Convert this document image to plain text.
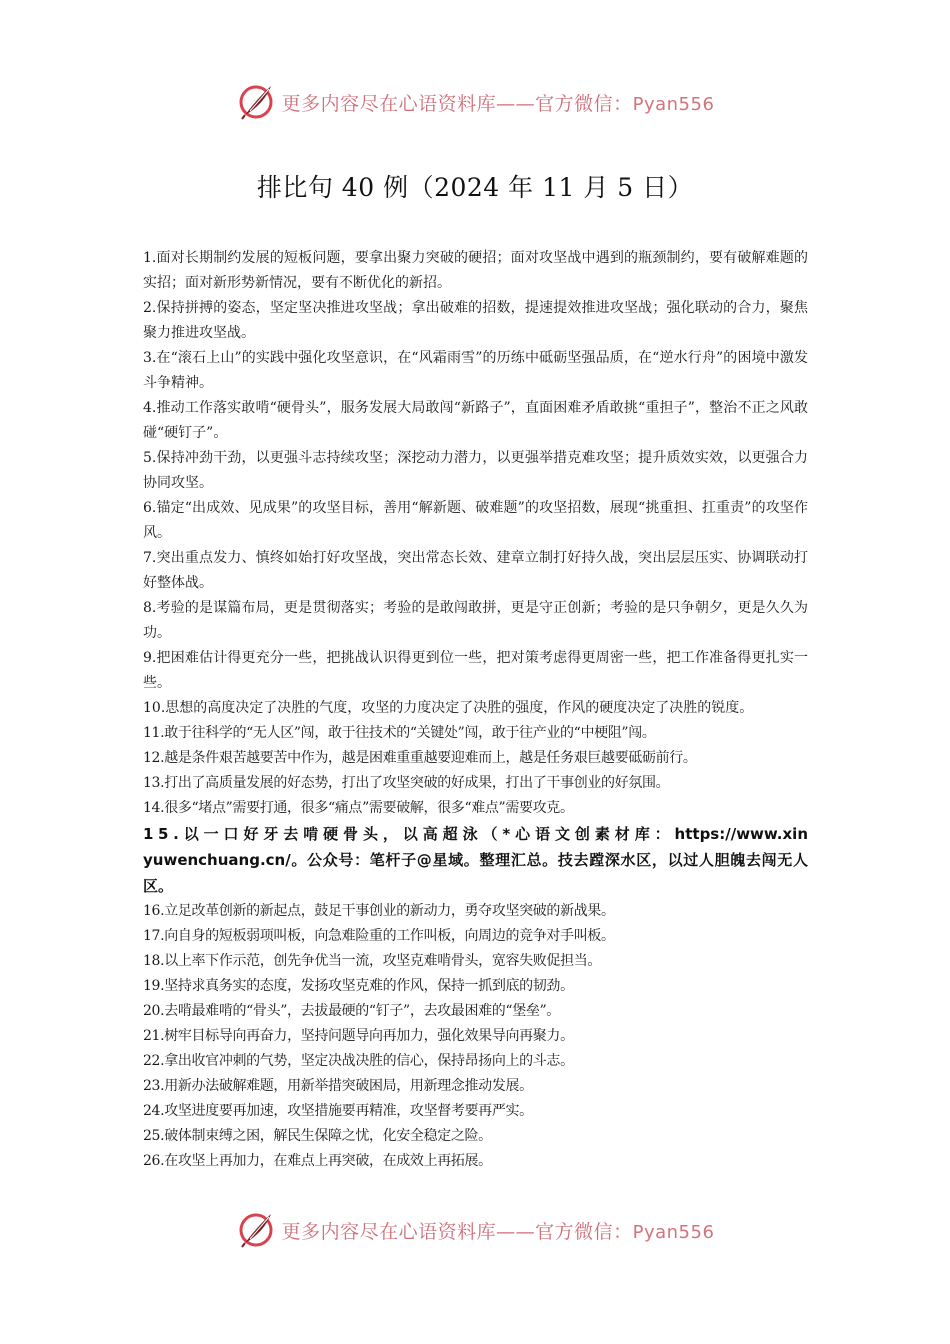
更多内容尽在心语资料库——官方微信：Pyan556
排比句 40 例（2024 年 11 月 5 日）
1.面对长期制约发展的短板问题，要拿出聚力突破的硬招；面对攻坚战中遇到的瓶颈制约，要有破解难题的实招；面对新形势新情况，要有不断优化的新招。
2.保持拼搏的姿态，坚定坚决推进攻坚战；拿出破难的招数，提速提效推进攻坚战；强化联动的合力，聚焦聚力推进攻坚战。
3.在“滚石上山”的实践中强化攻坚意识，在“风霜雨雪”的历练中砥砺坚强品质，在“逆水行舟”的困境中激发斗争精神。
4.推动工作落实敢啃“硬骨头”，服务发展大局敢闯“新路子”，直面困难矛盾敢挑“重担子”，整治不正之风敢碰“硬钉子”。
5.保持冲劲干劲，以更强斗志持续攻坚；深挖动力潜力，以更强举措克难攻坚；提升质效实效，以更强合力协同攻坚。
6.锚定“出成效、见成果”的攻坚目标，善用“解新题、破难题”的攻坚招数，展现“挑重担、扛重责”的攻坚作风。
7.突出重点发力、慎终如始打好攻坚战，突出常态长效、建章立制打好持久战，突出层层压实、协调联动打好整体战。
8.考验的是谋篇布局，更是贯彻落实；考验的是敢闯敢拼，更是守正创新；考验的是只争朝夕，更是久久为功。
9.把困难估计得更充分一些，把挑战认识得更到位一些，把对策考虑得更周密一些，把工作准备得更扎实一些。
10.思想的高度决定了决胜的气度，攻坚的力度决定了决胜的强度，作风的硬度决定了决胜的锐度。
11.敢于往科学的“无人区”闯，敢于往技术的“关键处”闯，敢于往产业的“中梗阻”闯。
12.越是条件艰苦越要苦中作为，越是困难重重越要迎难而上，越是任务艰巨越要砥砺前行。
13.打出了高质量发展的好态势，打出了攻坚突破的好成果，打出了干事创业的好氛围。
14.很多“堵点”需要打通，很多“痛点”需要破解，很多“难点”需要攻克。
15.以一口好牙去啃硬骨头，以高超泳（*心语文创素材库：https://www.xinyuwenchuang.cn/。公众号：笔杆子@星域。整理汇总。技去蹚深水区，以过人胆魄去闯无人区。
16.立足改革创新的新起点，鼓足干事创业的新动力，勇夺攻坚突破的新战果。
17.向自身的短板弱项叫板，向急难险重的工作叫板，向周边的竞争对手叫板。
18.以上率下作示范，创先争优当一流，攻坚克难啃骨头，宽容失败促担当。
19.坚持求真务实的态度，发扬攻坚克难的作风，保持一抓到底的韧劲。
20.去啃最难啃的“骨头”，去拔最硬的“钉子”，去攻最困难的“堡垒”。
21.树牢目标导向再奋力，坚持问题导向再加力，强化效果导向再聚力。
22.拿出收官冲刺的气势，坚定决战决胜的信心，保持昂扬向上的斗志。
23.用新办法破解难题，用新举措突破困局，用新理念推动发展。
24.攻坚进度要再加速，攻坚措施要再精准，攻坚督考要再严实。
25.破体制束缚之困，解民生保障之忧，化安全稳定之险。
26.在攻坚上再加力，在难点上再突破，在成效上再拓展。
更多内容尽在心语资料库——官方微信：Pyan556
